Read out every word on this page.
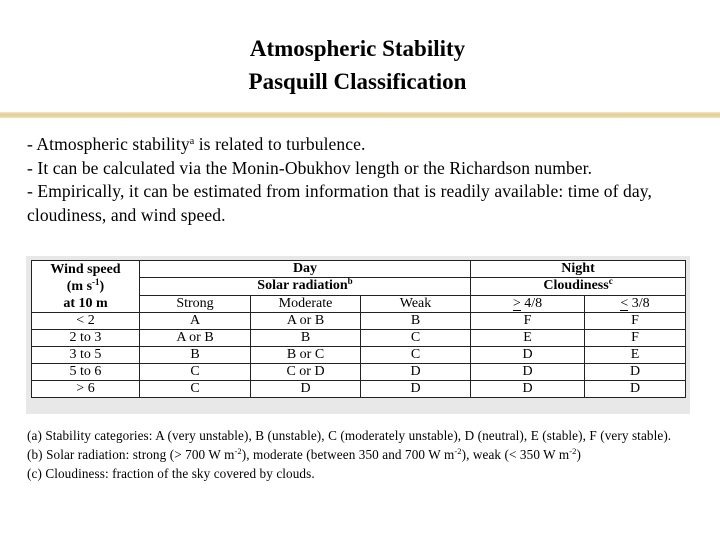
Atmospheric Stability
Pasquill Classification
- Atmospheric stability$^a$ is related to turbulence.
- It can be calculated via the Monin-Obukhov length or the Richardson number.
- Empirically, it can be estimated from information that is readily available: time of day, cloudiness, and wind speed.
Wind speed
(m $s^{-1}$)
at 10 m	Day			Night	
	Solar radiation$^b$			Cloudiness$^c$
	Strong	Moderate	Weak	> 4/8	< 3/8
< 2	A	A or B	B	F	F
2 to 3	A or B	B	C	E	F
3 to 5	B	B or C	C	D	E
5 to 6	C	C or D	D	D	D
> 6	C	D	D	D	D
(a) Stability categories: A (very unstable), B (unstable), C (moderately unstable), D (neutral), E (stable), F (very stable).
(b) Solar radiation: strong (> 700 W $m^{-2}$), moderate (between 350 and 700 W $m^{-2}$), weak (< 350 W $m^{-2}$)
(c) Cloudiness: fraction of the sky covered by clouds.
